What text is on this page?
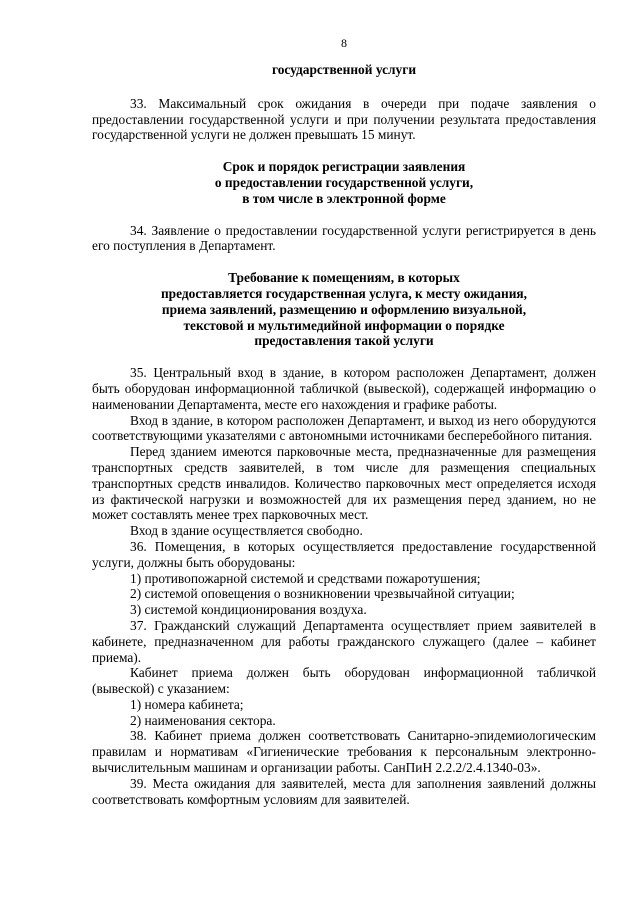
8
государственной услуги

33. Максимальный срок ожидания в очереди при подаче заявления о предоставлении государственной услуги и при получении результата предоставления государственной услуги не должен превышать 15 минут.

Срок и порядок регистрации заявления
о предоставлении государственной услуги,
в том числе в электронной форме

34. Заявление о предоставлении государственной услуги регистрируется в день его поступления в Департамент.

Требование к помещениям, в которых
предоставляется государственная услуга, к месту ожидания,
приема заявлений, размещению и оформлению визуальной,
текстовой и мультимедийной информации о порядке
предоставления такой услуги

35. Центральный вход в здание, в котором расположен Департамент, должен быть оборудован информационной табличкой (вывеской), содержащей информацию о наименовании Департамента, месте его нахождения и графике работы.

Вход в здание, в котором расположен Департамент, и выход из него оборудуются соответствующими указателями с автономными источниками бесперебойного питания.

Перед зданием имеются парковочные места, предназначенные для размещения транспортных средств заявителей, в том числе для размещения специальных транспортных средств инвалидов. Количество парковочных мест определяется исходя из фактической нагрузки и возможностей для их размещения перед зданием, но не может составлять менее трех парковочных мест.

Вход в здание осуществляется свободно.

36. Помещения, в которых осуществляется предоставление государственной услуги, должны быть оборудованы:

1) противопожарной системой и средствами пожаротушения;

2) системой оповещения о возникновении чрезвычайной ситуации;

3) системой кондиционирования воздуха.

37. Гражданский служащий Департамента осуществляет прием заявителей в кабинете, предназначенном для работы гражданского служащего (далее – кабинет приема).

Кабинет приема должен быть оборудован информационной табличкой (вывеской) с указанием:

1) номера кабинета;

2) наименования сектора.

38. Кабинет приема должен соответствовать Санитарно-эпидемиологическим правилам и нормативам «Гигиенические требования к персональным электронно-вычислительным машинам и организации работы. СанПиН 2.2.2/2.4.1340-03».

39. Места ожидания для заявителей, места для заполнения заявлений должны соответствовать комфортным условиям для заявителей.
